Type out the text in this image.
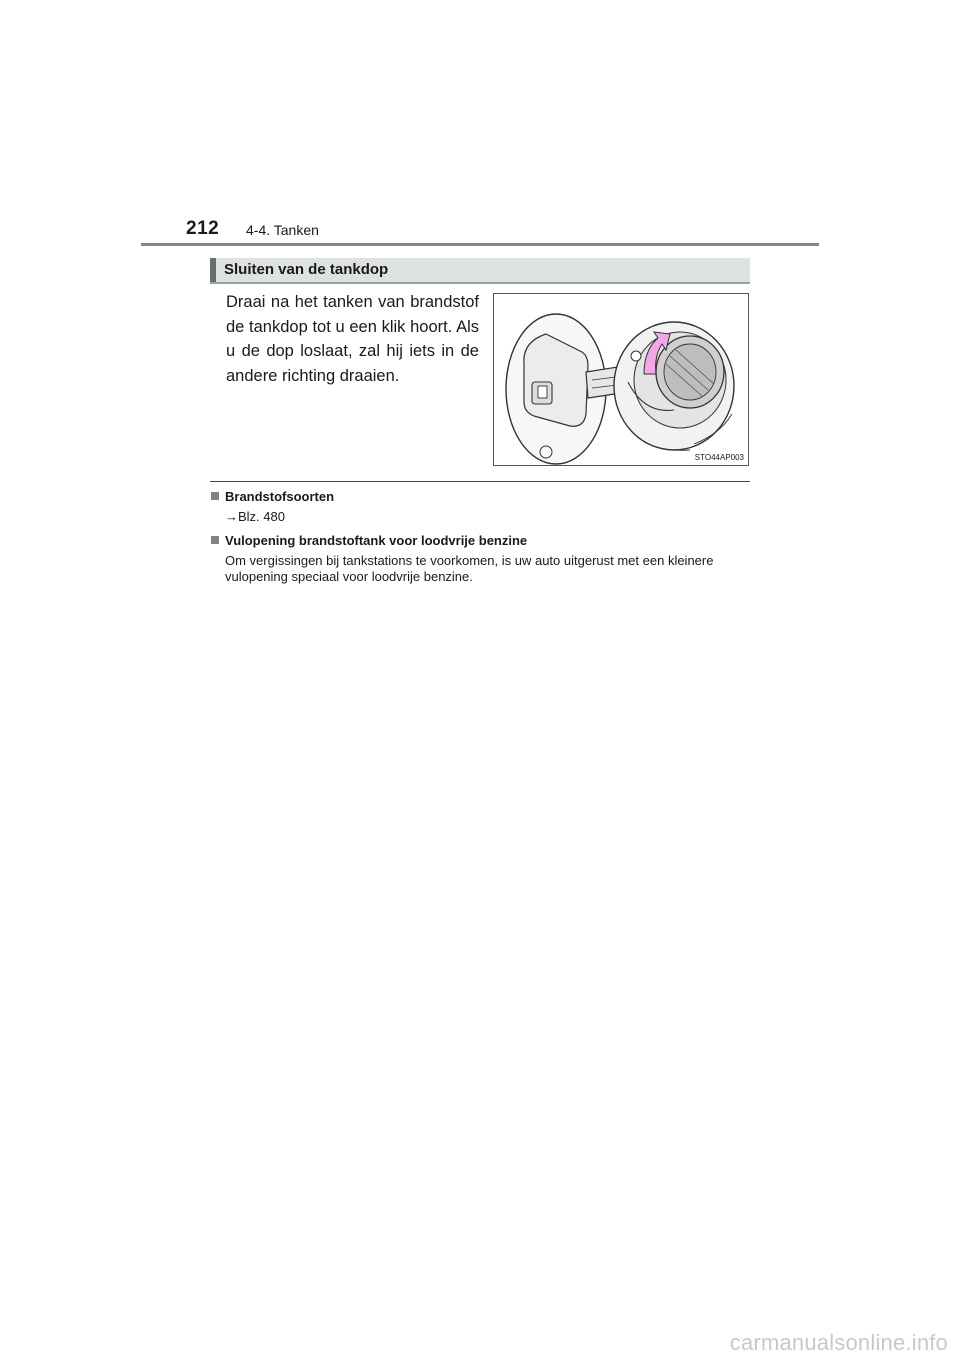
212 4-4. Tanken
Sluiten van de tankdop

Draai na het tanken van brandstof de tankdop tot u een klik hoort. Als u de dop loslaat, zal hij iets in de andere richting draaien.

STO44AP003
Brandstofsoorten
→Blz. 480
Vulopening brandstoftank voor loodvrije benzine
Om vergissingen bij tankstations te voorkomen, is uw auto uitgerust met een kleinere vulopening speciaal voor loodvrije benzine.
carmanualsonline.info
